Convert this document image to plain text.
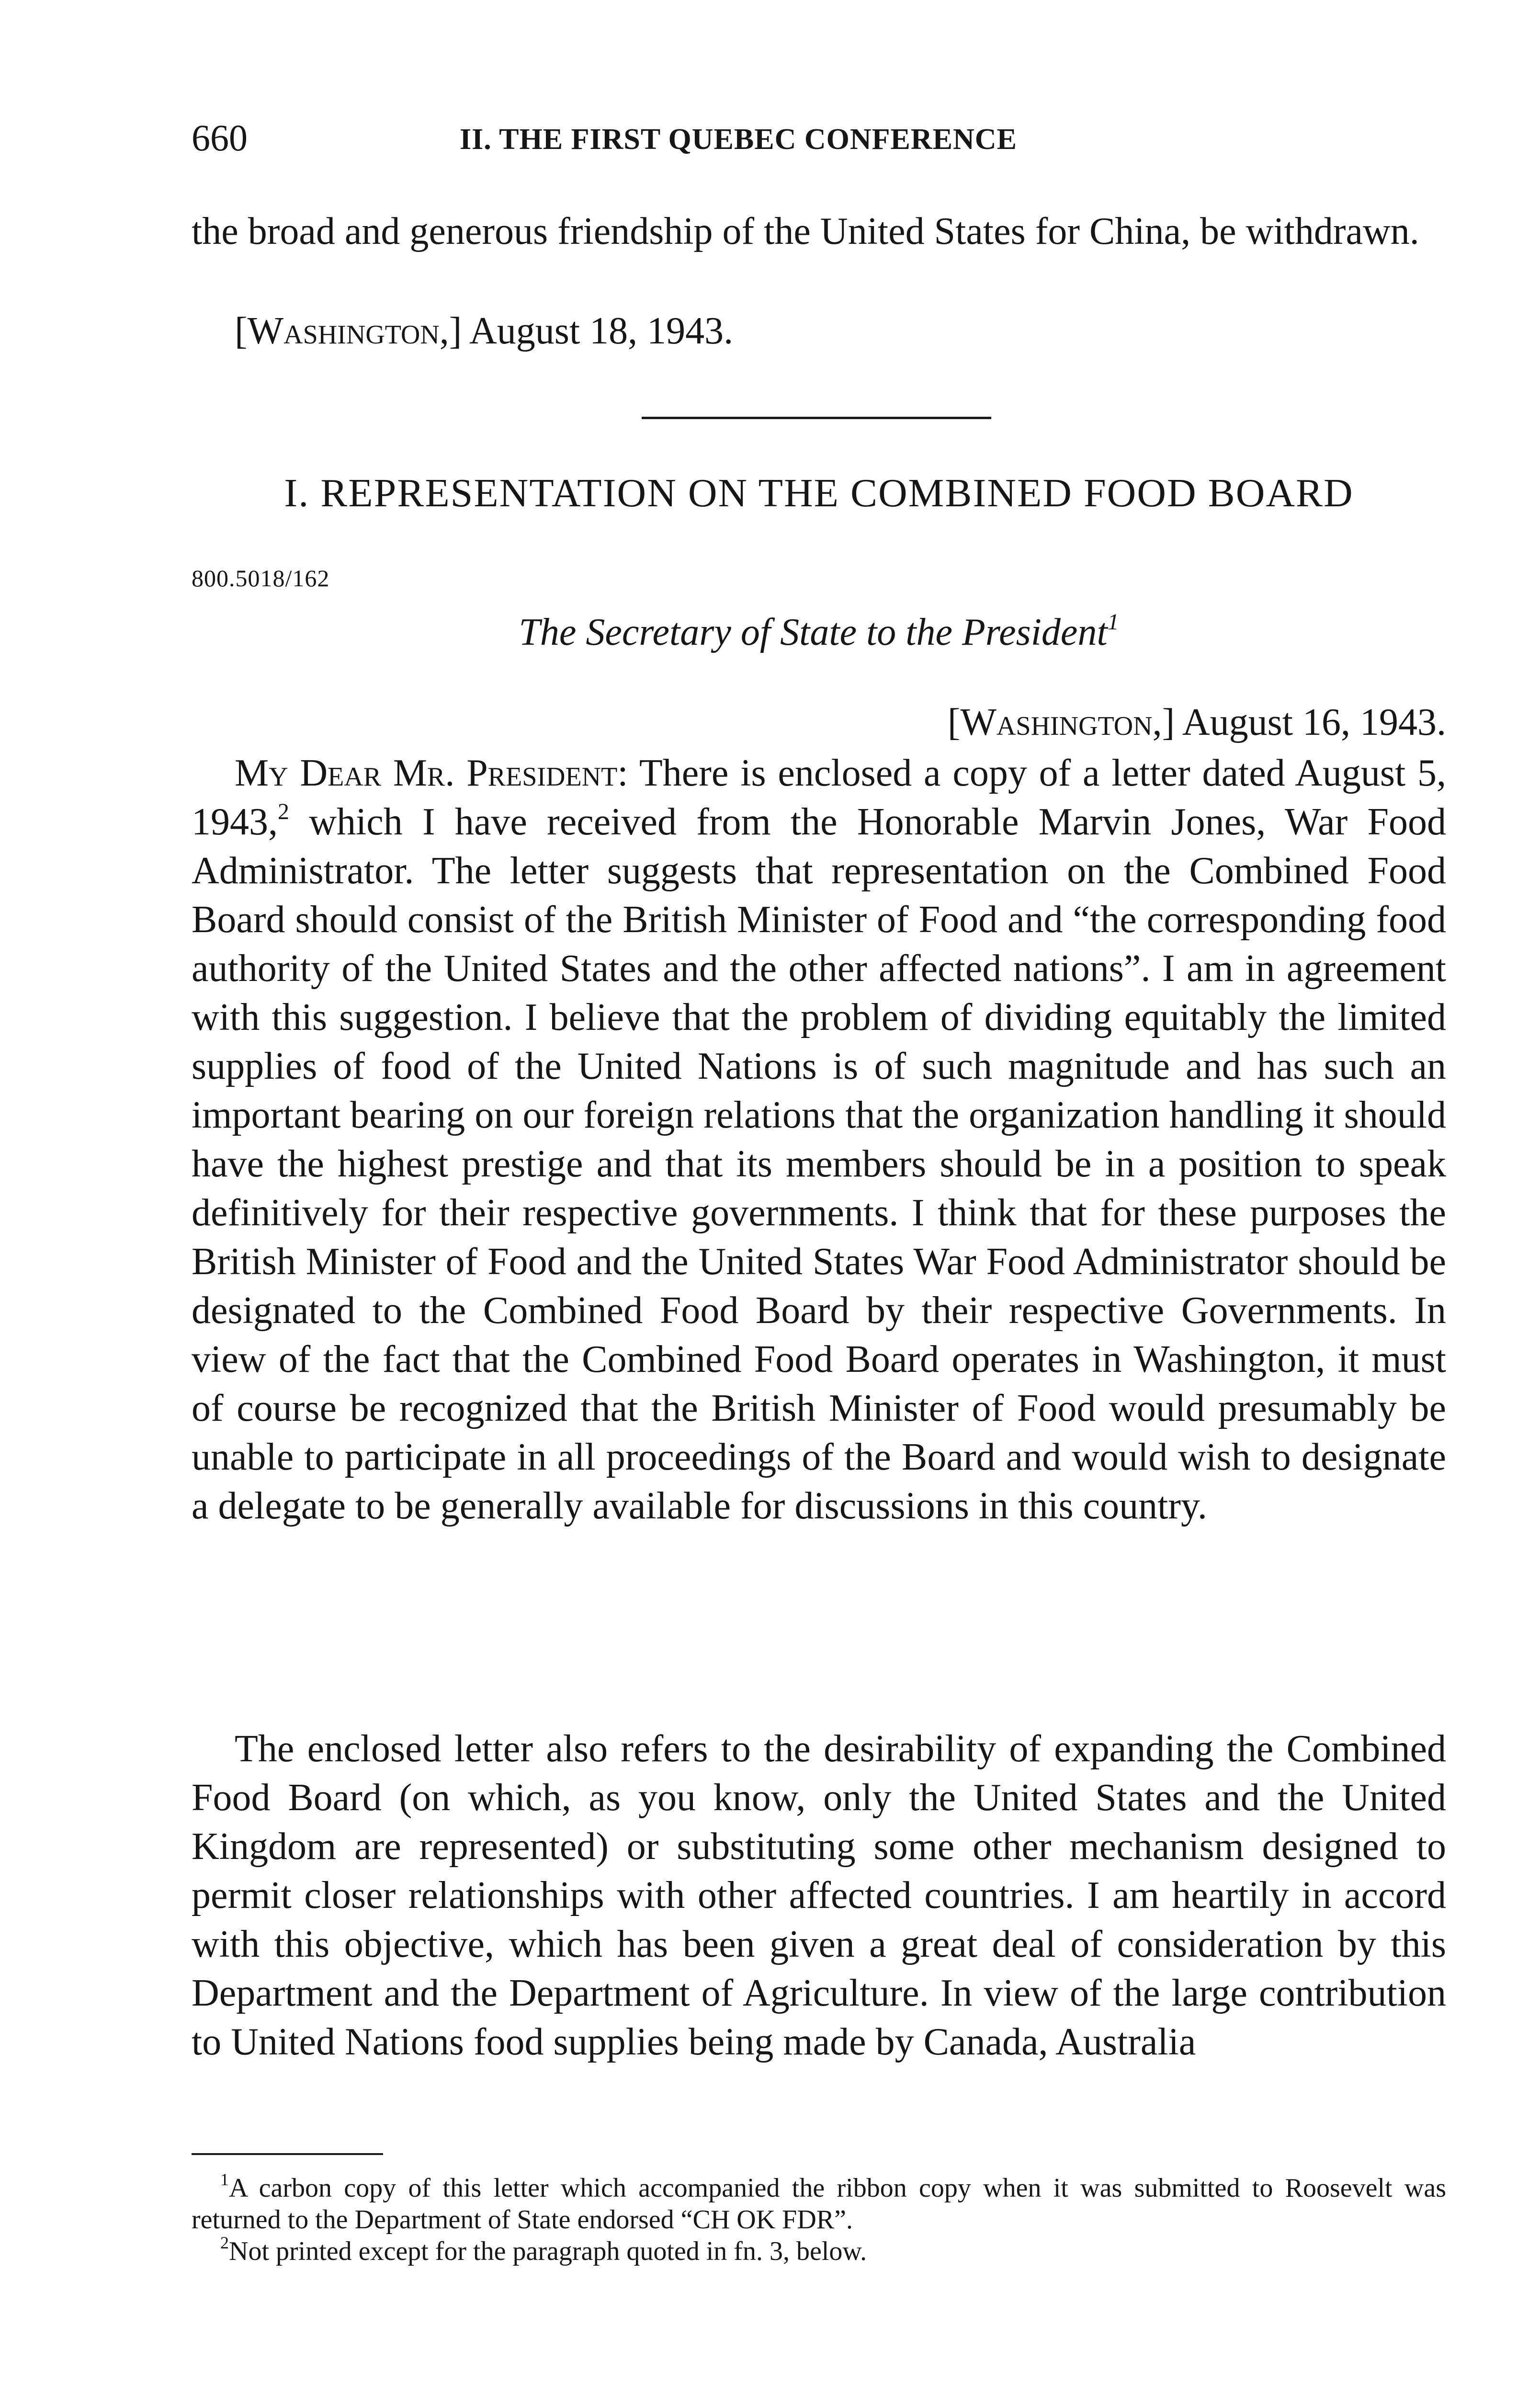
660	II. THE FIRST QUEBEC CONFERENCE

the broad and generous friendship of the United States for China, be withdrawn.

[Washington,] August 18, 1943.
I. REPRESENTATION ON THE COMBINED FOOD BOARD
800.5018/162
The Secretary of State to the President$^1$
[Washington,] August 16, 1943.

My Dear Mr. President: There is enclosed a copy of a letter dated August 5, 1943,$^2$ which I have received from the Honorable Marvin Jones, War Food Administrator. The letter suggests that representation on the Combined Food Board should consist of the British Minister of Food and “the corresponding food authority of the United States and the other affected nations”. I am in agreement with this suggestion. I believe that the problem of dividing equitably the limited supplies of food of the United Nations is of such magnitude and has such an important bearing on our foreign relations that the organization handling it should have the highest prestige and that its members should be in a position to speak definitively for their respective governments. I think that for these purposes the British Minister of Food and the United States War Food Administrator should be designated to the Combined Food Board by their respective Governments. In view of the fact that the Combined Food Board operates in Washington, it must of course be recognized that the British Minister of Food would presumably be unable to participate in all proceedings of the Board and would wish to designate a delegate to be generally available for discussions in this country.

The enclosed letter also refers to the desirability of expanding the Combined Food Board (on which, as you know, only the United States and the United Kingdom are represented) or substituting some other mechanism designed to permit closer relationships with other affected countries. I am heartily in accord with this objective, which has been given a great deal of consideration by this Department and the Department of Agriculture. In view of the large contribution to United Nations food supplies being made by Canada, Australia

$^1$A carbon copy of this letter which accompanied the ribbon copy when it was submitted to Roosevelt was returned to the Department of State endorsed “CH OK FDR”.

$^2$Not printed except for the paragraph quoted in fn. 3, below.
